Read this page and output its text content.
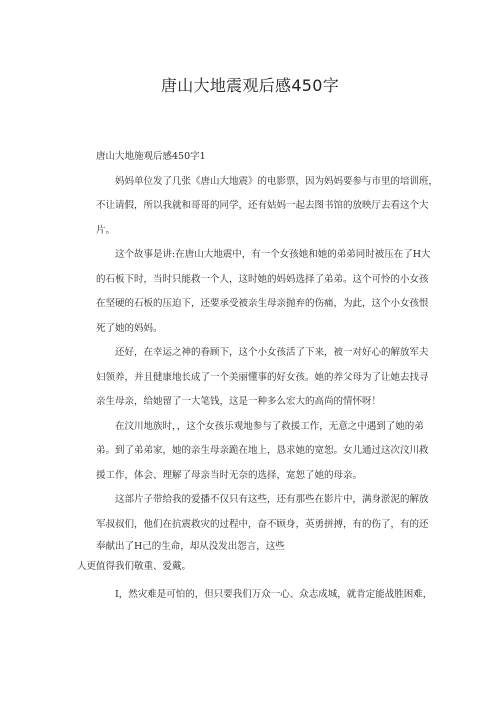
唐山大地震观后感450字

唐山大地施观后感450字1

妈妈单位发了几张《唐山大地震》的电影票，因为妈妈要参与市里的培训班，
不让请假，所以我就和哥哥的同学，还有姑妈一起去图书馆的放映厅去看这个大
片。

这个故事是讲:在唐山大地震中，有一个女孩她和她的弟弟同时被压在了H大
的石板下时，当时只能救一个人，这时她的妈妈选择了弟弟。这个可怜的小女孩
在坚硬的石板的压迫下，还要承受被亲生母亲抛弃的伤痛，为此，这个小女孩恨
死了她的妈妈。

还好，在幸运之神的眷顾下，这个小女孩活了下来，被一对好心的解放军夫
妇领养，并且健康地长成了一个美丽懂事的好女孩。她的养父母为了让她去找寻
亲生母亲，给她留了一大笔钱，这是一种多么宏大的高尚的情怀呀！

在汶川地族时，，这个女孩乐观地参与了救援工作，无意之中遇到了她的弟
弟。到了弟弟家，她的亲生母亲跪在地上，恳求她的宽恕。女儿通过这次汶川救
援工作，体会、理解了母亲当时无奈的选择，宽恕了她的母亲。

这部片子带给我的爱播不仅只有这些，还有那些在影片中，满身淤泥的解放
军叔叔们，他们在抗震救灾的过程中，奋不顾身，英勇拼搏，有的伤了，有的还
奉献出了H己的生命，却从没发出怨言，这些
人更值得我们敬重、爱戴。

I，然灾难是可怕的，但只要我们万众一心、众志成城，就肯定能战胜困难，
